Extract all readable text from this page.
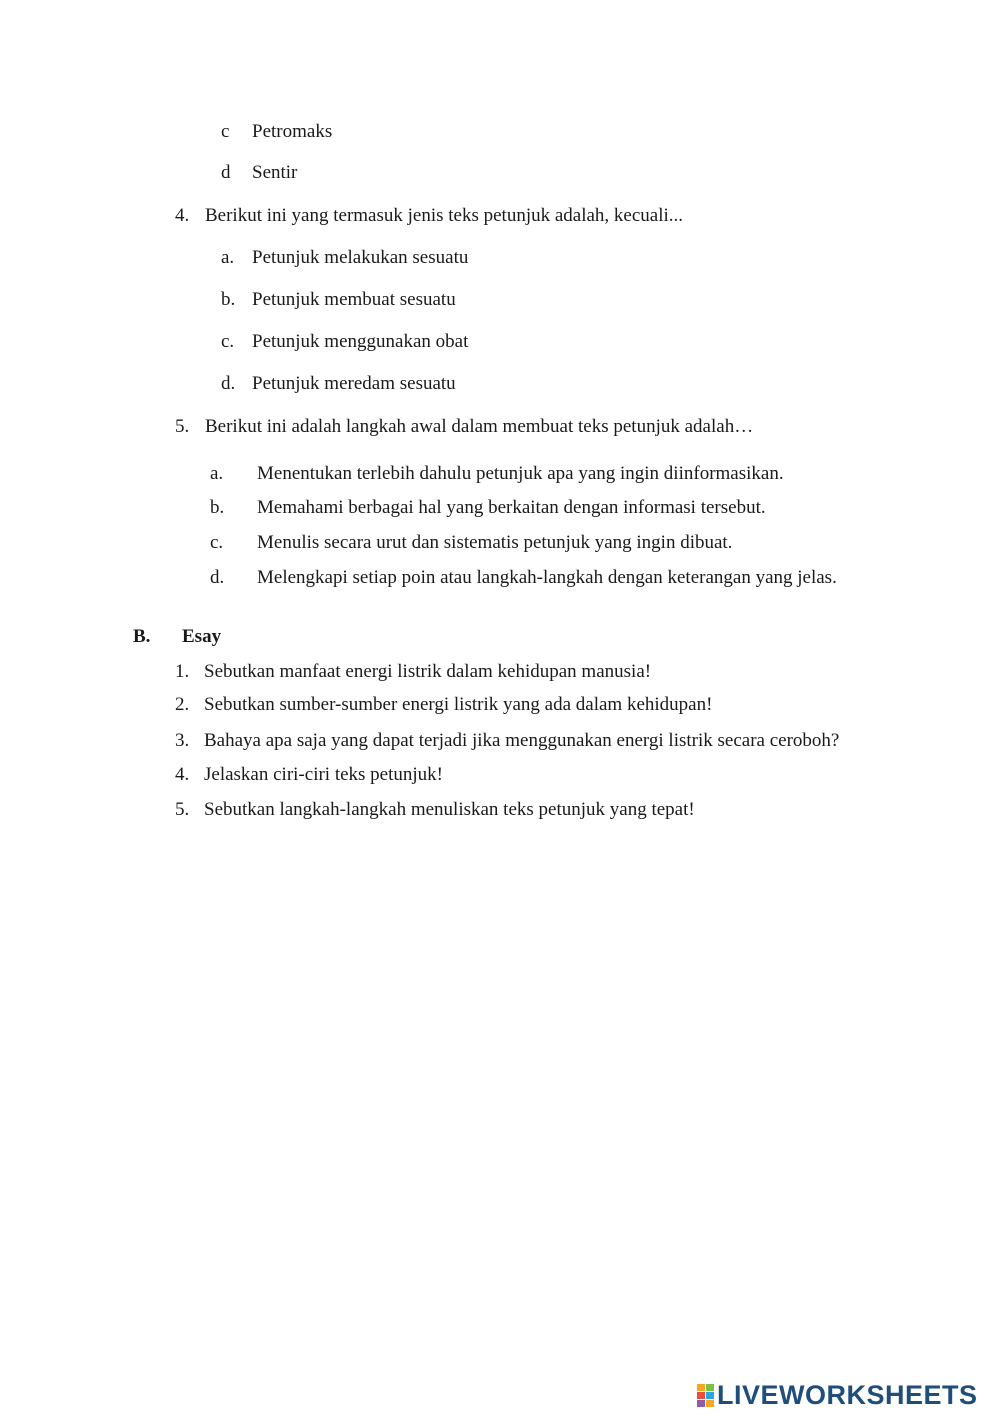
c Petromaks
d Sentir
4. Berikut ini yang termasuk jenis teks petunjuk adalah, kecuali...
a. Petunjuk melakukan sesuatu
b. Petunjuk membuat sesuatu
c. Petunjuk menggunakan obat
d. Petunjuk meredam sesuatu
5. Berikut ini adalah langkah awal dalam membuat teks petunjuk adalah…
a. Menentukan terlebih dahulu petunjuk apa yang ingin diinformasikan.
b. Memahami berbagai hal yang berkaitan dengan informasi tersebut.
c. Menulis secara urut dan sistematis petunjuk yang ingin dibuat.
d. Melengkapi setiap poin atau langkah-langkah dengan keterangan yang jelas.
B. Esay
1. Sebutkan manfaat energi listrik dalam kehidupan manusia!
2. Sebutkan sumber-sumber energi listrik yang ada dalam kehidupan!
3. Bahaya apa saja yang dapat terjadi jika menggunakan energi listrik secara ceroboh?
4. Jelaskan ciri-ciri teks petunjuk!
5. Sebutkan langkah-langkah menuliskan teks petunjuk yang tepat!
LIVEWORKSHEETS
